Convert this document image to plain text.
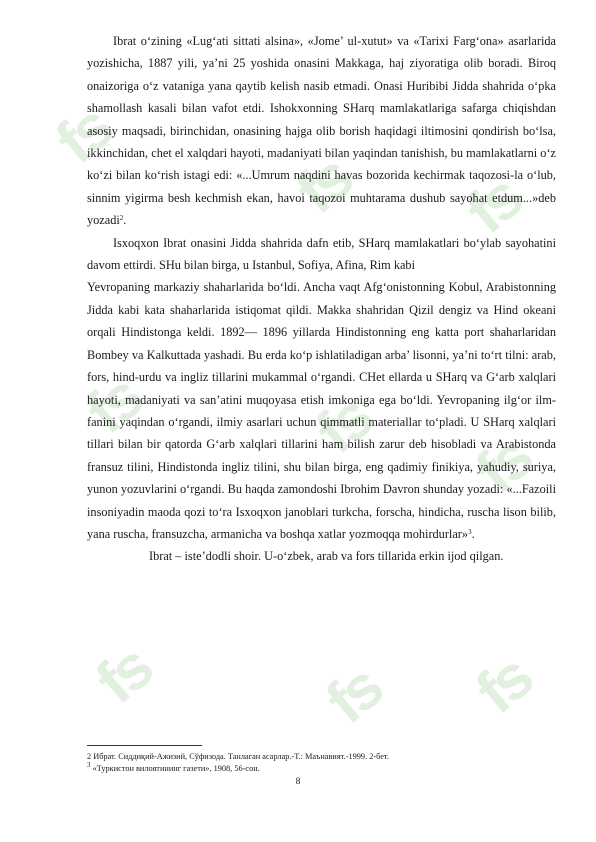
fs
fs fs
fs fs fs
fs fs fs

Ibrat o‘zining «Lug‘ati sittati alsina», «Jome’ ul-xutut» va «Tarixi Farg‘ona» asarlarida yozishicha, 1887 yili, ya’ni 25 yoshida onasini Makkaga, haj ziyoratiga olib boradi. Biroq onaizoriga o‘z vataniga yana qaytib kelish nasib etmadi. Onasi Huribibi Jidda shahrida o‘pka shamollash kasali bilan vafot etdi. Ishokxonning SHarq mamlakatlariga safarga chiqishdan asosiy maqsadi, birinchidan, onasining hajga olib borish haqidagi iltimosini qondirish bo‘lsa, ikkinchidan, chet el xalqdari hayoti, madaniyati bilan yaqindan tanishish, bu mamlakatlarni o‘z ko‘zi bilan ko‘rish istagi edi: «...Umrum naqdini havas bozorida kechirmak taqozosi-la o‘lub, sinnim yigirma besh kechmish ekan, havoi taqozoi muhtarama dushub sayohat etdum...»deb yozadi$^2$.

Isxoqxon Ibrat onasini Jidda shahrida dafn etib, SHarq mamlakatlari bo‘ylab sayohatini davom ettirdi. SHu bilan birga, u Istanbul, Sofiya, Afina, Rim kabi

Yevropaning markaziy shaharlarida bo‘ldi. Ancha vaqt Afg‘onistonning Kobul, Arabistonning Jidda kabi kata shaharlarida istiqomat qildi. Makka shahridan Qizil dengiz va Hind okeani orqali Hindistonga keldi. 1892— 1896 yillarda Hindistonning eng katta port shaharlaridan Bombey va Kalkuttada yashadi. Bu erda ko‘p ishlatiladigan arba’ lisonni, ya’ni to‘rt tilni: arab, fors, hind-urdu va ingliz tillarini mukammal o‘rgandi. CHet ellarda u SHarq va G‘arb xalqlari hayoti, madaniyati va san’atini muqoyasa etish imkoniga ega bo‘ldi. Yevropaning ilg‘or ilm-fanini yaqindan o‘rgandi, ilmiy asarlari uchun qimmatli materiallar to‘pladi. U SHarq xalqlari tillari bilan bir qatorda G‘arb xalqlari tillarini ham bilish zarur deb hisobladi va Arabistonda fransuz tilini, Hindistonda ingliz tilini, shu bilan birga, eng qadimiy finikiya, yahudiy, suriya, yunon yozuvlarini o‘rgandi. Bu haqda zamondoshi Ibrohim Davron shunday yozadi: «...Fazoili insoniyadin maoda qozi to‘ra Isxoqxon janoblari turkcha, forscha, hindicha, ruscha lison bilib, yana ruscha, fransuzcha, armanicha va boshqa xatlar yozmoqqa mohirdurlar»$^3$.

Ibrat – iste’dodli shoir. U-o‘zbek, arab va fors tillarida erkin ijod qilgan.

2 Ибрат. Сиддиқий-Ажизий, Сўфизода. Танлаган асарлар.-Т.: Маънавият.-1999. 2-бет.

$^3$ «Туркистон вилоятининг газети», 1908, 56-сон.

8
